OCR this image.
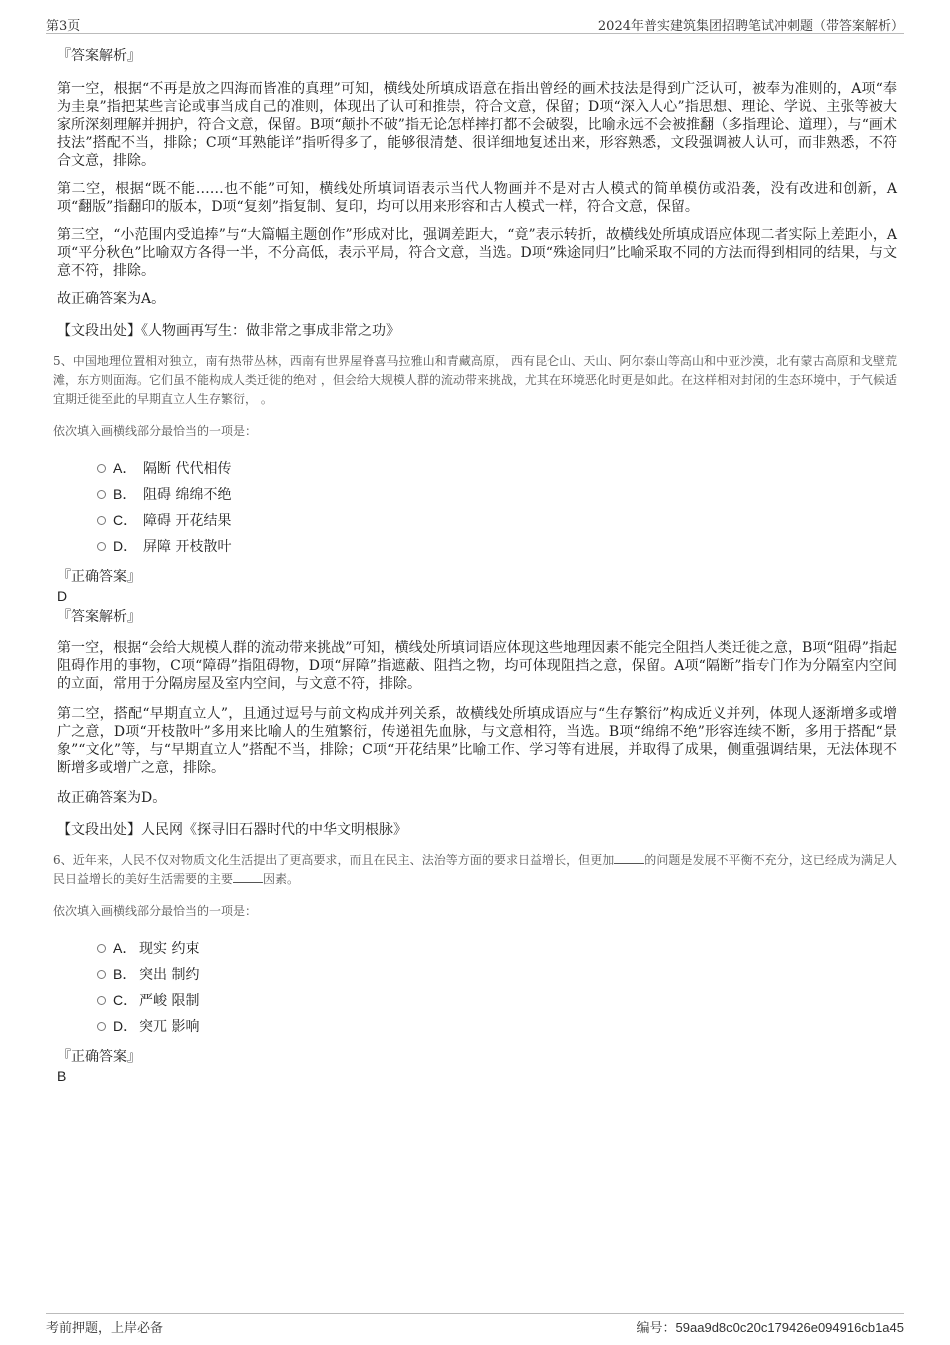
第3页	2024年普实建筑集团招聘笔试冲刺题（带答案解析）

『答案解析』

第一空，根据“不再是放之四海而皆准的真理”可知，横线处所填成语意在指出曾经的画术技法是得到广泛认可，被奉为准则的，A项“奉为圭臬”指把某些言论或事当成自己的准则，体现出了认可和推崇，符合文意，保留；D项“深入人心”指思想、理论、学说、主张等被大家所深刻理解并拥护，符合文意，保留。B项“颠扑不破”指无论怎样摔打都不会破裂，比喻永远不会被推翻（多指理论、道理），与“画术技法”搭配不当，排除；C项“耳熟能详”指听得多了，能够很清楚、很详细地复述出来，形容熟悉，文段强调被人认可，而非熟悉，不符合文意，排除。

第二空，根据“既不能……也不能”可知，横线处所填词语表示当代人物画并不是对古人模式的简单模仿或沿袭，没有改进和创新，A项“翻版”指翻印的版本，D项“复刻”指复制、复印，均可以用来形容和古人模式一样，符合文意，保留。

第三空，“小范围内受追捧”与“大篇幅主题创作”形成对比，强调差距大，“竟”表示转折，故横线处所填成语应体现二者实际上差距小，A项“平分秋色”比喻双方各得一半，不分高低，表示平局，符合文意，当选。D项“殊途同归”比喻采取不同的方法而得到相同的结果，与文意不符，排除。

故正确答案为A。

【文段出处】《人物画再写生：做非常之事成非常之功》

5、中国地理位置相对独立，南有热带丛林，西南有世界屋脊喜马拉雅山和青藏高原， 西有昆仑山、天山、阿尔泰山等高山和中亚沙漠，北有蒙古高原和戈壁荒滩，东方则面海。它们虽不能构成人类迁徙的绝对 ，但会给大规模人群的流动带来挑战，尤其在环境恶化时更是如此。在这样相对封闭的生态环境中，于气候适宜期迁徙至此的早期直立人生存繁衍， 。

依次填入画横线部分最恰当的一项是：

A． 隔断 代代相传
B． 阻碍 绵绵不绝
C． 障碍 开花结果
D． 屏障 开枝散叶

『正确答案』

D

『答案解析』

第一空，根据“会给大规模人群的流动带来挑战”可知，横线处所填词语应体现这些地理因素不能完全阻挡人类迁徙之意，B项“阻碍”指起阻碍作用的事物，C项“障碍”指阻碍物，D项“屏障”指遮蔽、阻挡之物，均可体现阻挡之意，保留。A项“隔断”指专门作为分隔室内空间的立面，常用于分隔房屋及室内空间，与文意不符，排除。

第二空，搭配“早期直立人”，且通过逗号与前文构成并列关系，故横线处所填成语应与“生存繁衍”构成近义并列，体现人逐渐增多或增广之意，D项“开枝散叶”多用来比喻人的生殖繁衍，传递祖先血脉，与文意相符，当选。B项“绵绵不绝”形容连续不断，多用于搭配“景象”“文化”等，与“早期直立人”搭配不当，排除；C项“开花结果”比喻工作、学习等有进展，并取得了成果，侧重强调结果，无法体现不断增多或增广之意，排除。

故正确答案为D。

【文段出处】人民网《探寻旧石器时代的中华文明根脉》

6、近年来，人民不仅对物质文化生活提出了更高要求，而且在民主、法治等方面的要求日益增长，但更加	的问题是发展不平衡不充分，这已经成为满足人民日益增长的美好生活需要的主要	因素。

依次填入画横线部分最恰当的一项是：

A． 现实 约束
B． 突出 制约
C． 严峻 限制
D． 突兀 影响

『正确答案』

B

考前押题，上岸必备	编号：59aa9d8c0c20c179426e094916cb1a45
